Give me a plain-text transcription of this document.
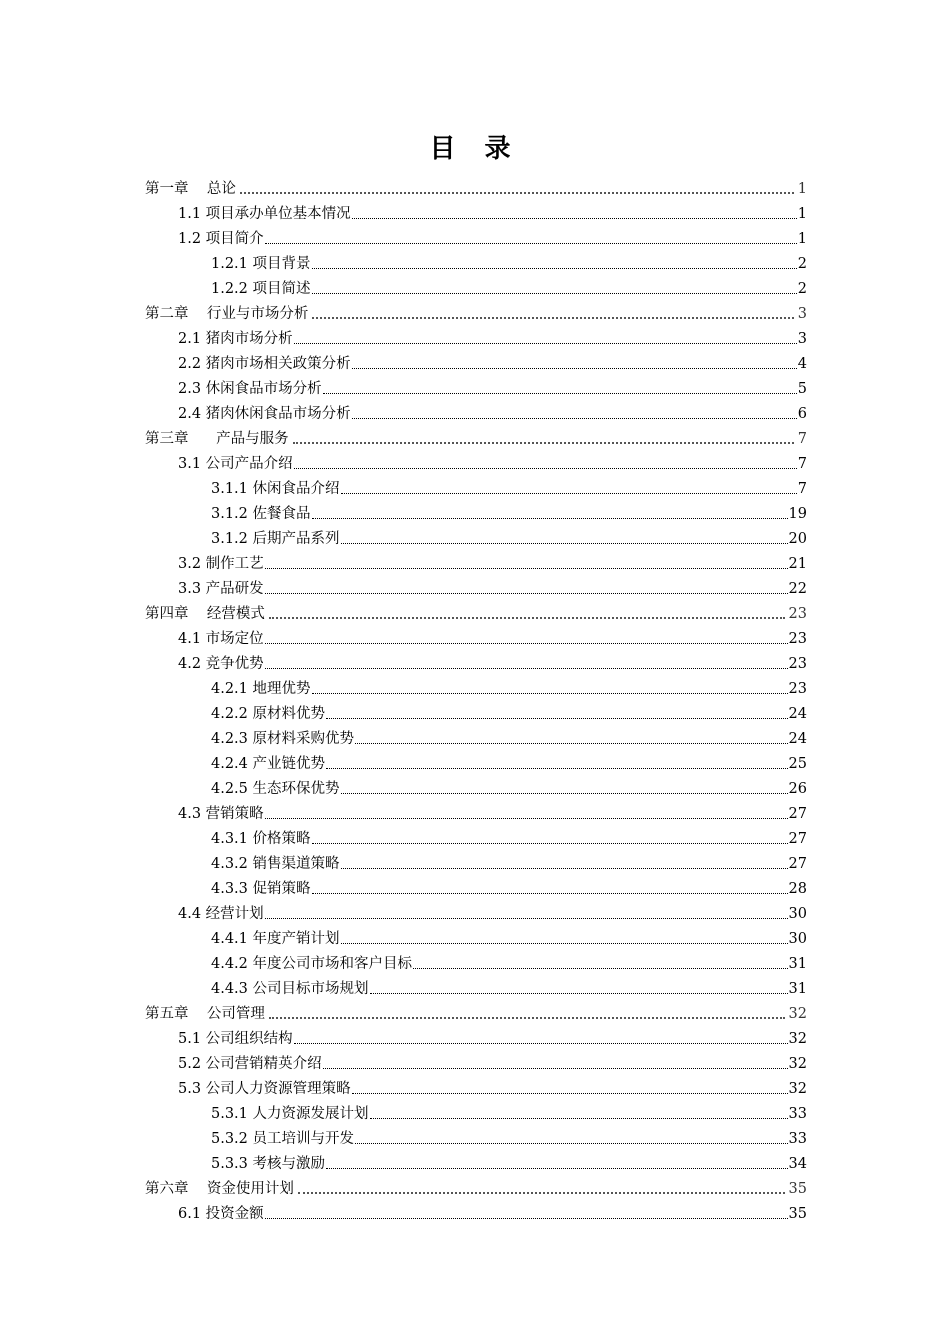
目 录
第一章    总论	1
1.1 项目承办单位基本情况	1
1.2 项目简介	1
1.2.1 项目背景	2
1.2.2 项目简述	2
第二章    行业与市场分析	3
2.1 猪肉市场分析	3
2.2 猪肉市场相关政策分析	4
2.3 休闲食品市场分析	5
2.4 猪肉休闲食品市场分析	6
第三章      产品与服务	7
3.1 公司产品介绍	7
3.1.1 休闲食品介绍	7
3.1.2 佐餐食品	19
3.1.2 后期产品系列	20
3.2 制作工艺	21
3.3 产品研发	22
第四章    经营模式	23
4.1 市场定位	23
4.2 竞争优势	23
4.2.1 地理优势	23
4.2.2 原材料优势	24
4.2.3 原材料采购优势	24
4.2.4 产业链优势	25
4.2.5 生态环保优势	26
4.3 营销策略	27
4.3.1 价格策略	27
4.3.2 销售渠道策略	27
4.3.3 促销策略	28
4.4 经营计划	30
4.4.1 年度产销计划	30
4.4.2 年度公司市场和客户目标	31
4.4.3 公司目标市场规划	31
第五章    公司管理	32
5.1 公司组织结构	32
5.2 公司营销精英介绍	32
5.3 公司人力资源管理策略	32
5.3.1 人力资源发展计划	33
5.3.2 员工培训与开发	33
5.3.3 考核与激励	34
第六章    资金使用计划	35
6.1 投资金额	35
